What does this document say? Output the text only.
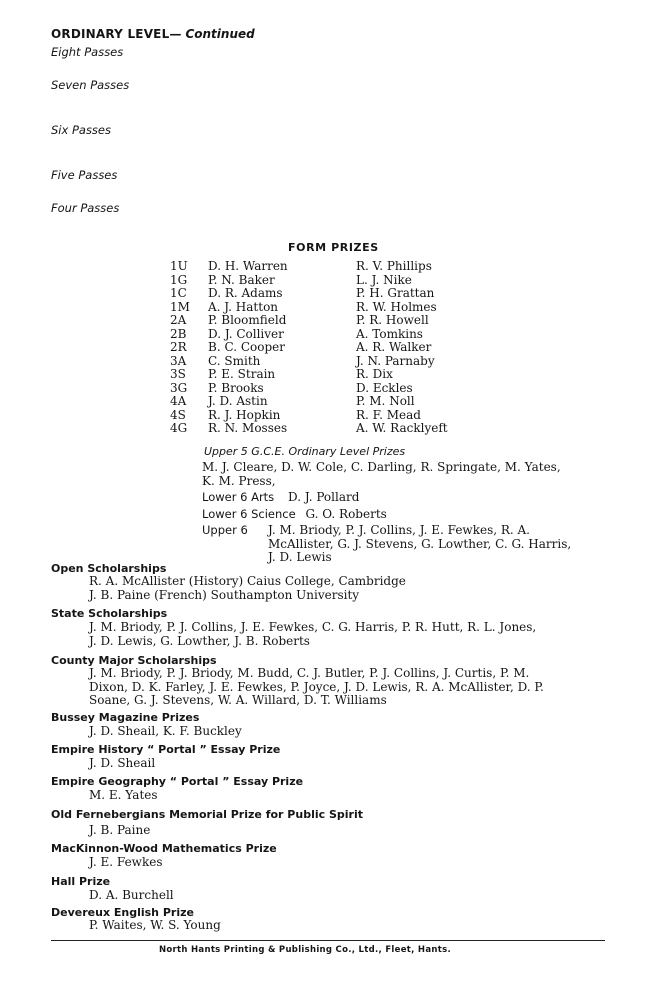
ORDINARY LEVEL— Continued
Eight Passes
Seven Passes
Six Passes
Five Passes
Four Passes
FORM PRIZES
1U D. H. Warren	R. V. Phillips
1G P. N. Baker	L. J. Nike
1C D. R. Adams	P. H. Grattan
1M A. J. Hatton	R. W. Holmes
2A P. Bloomfield	P. R. Howell
2B D. J. Colliver	A. Tomkins
2R B. C. Cooper	A. R. Walker
3A C. Smith	J. N. Parnaby
3S P. E. Strain	R. Dix
3G P. Brooks	D. Eckles
4A J. D. Astin	P. M. Noll
4S R. J. Hopkin	R. F. Mead
4G R. N. Mosses	A. W. Racklyeft
Upper 5 G.C.E. Ordinary Level Prizes
M. J. Cleare, D. W. Cole, C. Darling, R. Springate, M. Yates,
K. M. Press,
Lower 6 Arts D. J. Pollard
Lower 6 Science G. O. Roberts
Upper 6 J. M. Briody, P. J. Collins, J. E. Fewkes, R. A.
McAllister, G. J. Stevens, G. Lowther, C. G. Harris,
J. D. Lewis
Open Scholarships
R. A. McAllister (History) Caius College, Cambridge
J. B. Paine (French) Southampton University
State Scholarships
J. M. Briody, P. J. Collins, J. E. Fewkes, C. G. Harris, P. R. Hutt, R. L. Jones,
J. D. Lewis, G. Lowther, J. B. Roberts
County Major Scholarships
J. M. Briody, P. J. Briody, M. Budd, C. J. Butler, P. J. Collins, J. Curtis, P. M.
Dixon, D. K. Farley, J. E. Fewkes, P. Joyce, J. D. Lewis, R. A. McAllister, D. P.
Soane, G. J. Stevens, W. A. Willard, D. T. Williams
Bussey Magazine Prizes
J. D. Sheail, K. F. Buckley
Empire History “ Portal ” Essay Prize
J. D. Sheail
Empire Geography “ Portal ” Essay Prize
M. E. Yates
Old Fernebergians Memorial Prize for Public Spirit
J. B. Paine
MacKinnon-Wood Mathematics Prize
J. E. Fewkes
Hall Prize
D. A. Burchell
Devereux English Prize
P. Waites, W. S. Young
North Hants Printing & Publishing Co., Ltd., Fleet, Hants.
